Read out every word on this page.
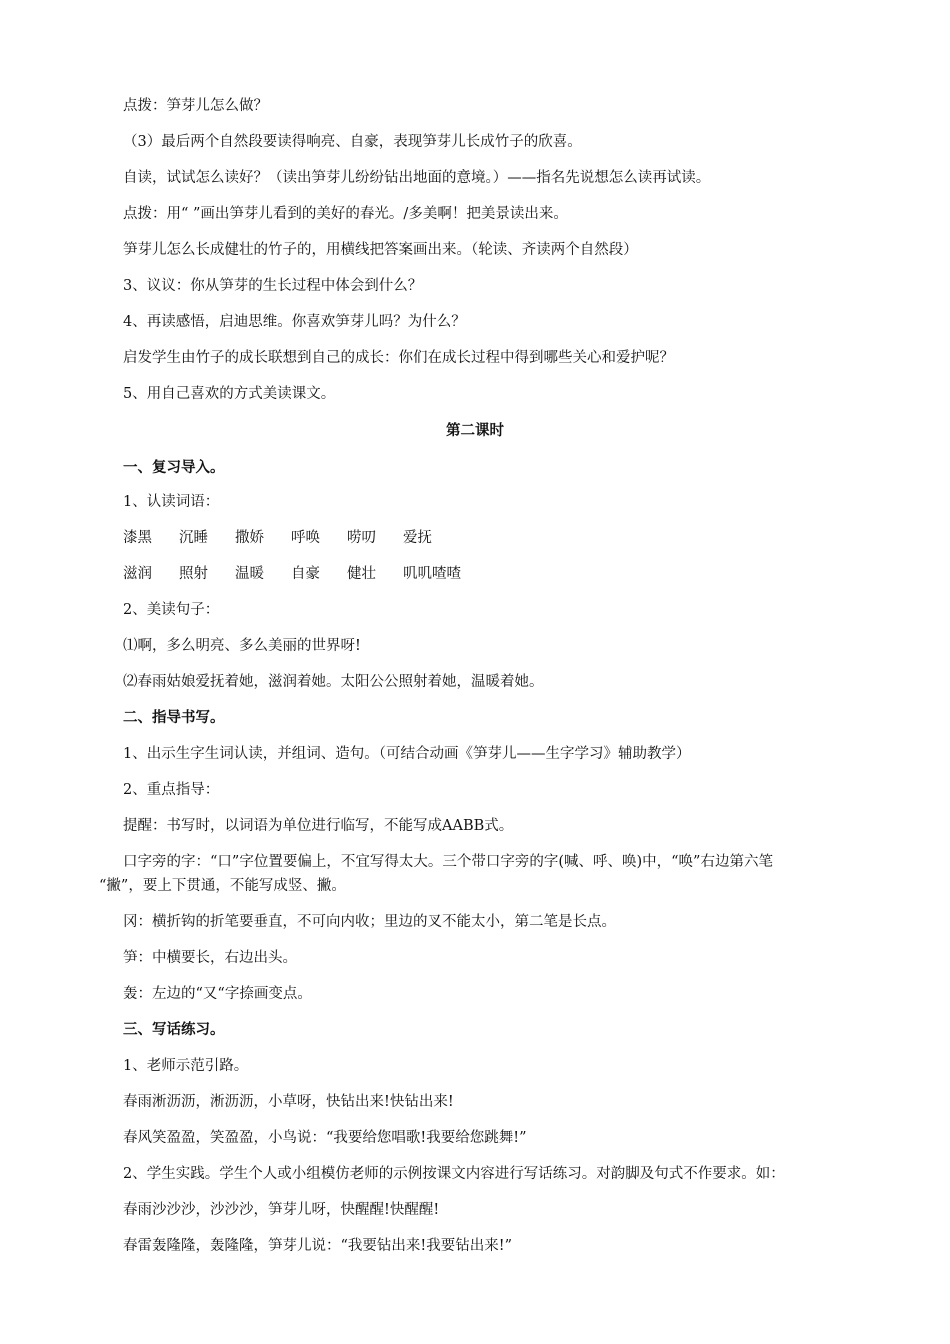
点拨：笋芽儿怎么做？
（3）最后两个自然段要读得响亮、自豪，表现笋芽儿长成竹子的欣喜。
自读，试试怎么读好？（读出笋芽儿纷纷钻出地面的意境。）——指名先说想怎么读再试读。
点拨：用“ ”画出笋芽儿看到的美好的春光。/多美啊！把美景读出来。
笋芽儿怎么长成健壮的竹子的，用横线把答案画出来。（轮读、齐读两个自然段）
3、议议：你从笋芽的生长过程中体会到什么？
4、再读感悟，启迪思维。你喜欢笋芽儿吗？为什么？
启发学生由竹子的成长联想到自己的成长：你们在成长过程中得到哪些关心和爱护呢？
5、用自己喜欢的方式美读课文。
第二课时
一、复习导入。
1、认读词语：
漆黑 沉睡 撒娇 呼唤 唠叨 爱抚
滋润 照射 温暖 自豪 健壮 叽叽喳喳
2、美读句子：
⑴啊，多么明亮、多么美丽的世界呀!
⑵春雨姑娘爱抚着她，滋润着她。太阳公公照射着她，温暖着她。
二、指导书写。
1、出示生字生词认读，并组词、造句。（可结合动画《笋芽儿——生字学习》辅助教学）
2、重点指导：
提醒：书写时，以词语为单位进行临写，不能写成AABB式。
口字旁的字：“口”字位置要偏上，不宜写得太大。三个带口字旁的字(喊、呼、唤)中，“唤”右边第六笔
“撇”，要上下贯通，不能写成竖、撇。
冈：横折钩的折笔要垂直，不可向内收；里边的叉不能太小，第二笔是长点。
笋：中横要长，右边出头。
轰：左边的“又“字捺画变点。
三、写话练习。
1、老师示范引路。
春雨淅沥沥，淅沥沥，小草呀，快钻出来!快钻出来!
春风笑盈盈，笑盈盈，小鸟说：“我要给您唱歌!我要给您跳舞!”
2、学生实践。学生个人或小组模仿老师的示例按课文内容进行写话练习。对韵脚及句式不作要求。如：
春雨沙沙沙，沙沙沙，笋芽儿呀，快醒醒!快醒醒!
春雷轰隆隆，轰隆隆，笋芽儿说：“我要钻出来!我要钻出来!”
